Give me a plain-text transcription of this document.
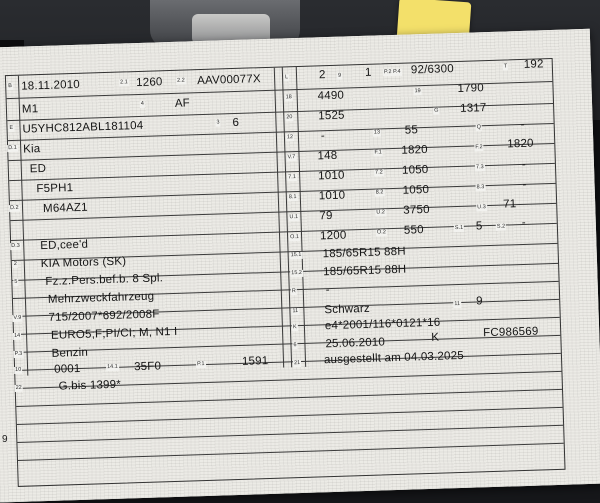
B 18.11.2010	2.1 1260	2.2 AAV00077X
M1	4	AF
E U5YHC812ABL181104	3 6
D.1 Kia
ED
F5PH1
D.2 M64AZ1
D.3 ED,cee'd
2 KIA Motors (SK)
5 Fz.z.Pers.bef.b. 8 Spl.
Mehrzweckfahrzeug
V.9 715/2007*692/2008F
14	EURO5;F;PI/CI; M, N1 I
P.3	Benzin
10	0001	14.1 35F0	P.1	1591
22	G.bis 1399*
L	2 9 1 P.2 P.4 92/6300	T 192
18 4490	19	1790
20 1525	G 1317
12 -	13 55	Q	-
V.7 148	F.1 1820	F.2 1820
7.1 1010	7.2 1050	7.3	-
8.1 1010	8.2 1050	8.3	-
U.1 79	U.2 3750	U.3 71
O.1 1200	O.2 550	S.1 5	S.2 -
15.1 185/65R15 88H
15.2 185/65R15 88H
R	-
11 Schwarz	11 9
K e4*2001/116*0121*16
6 25.06.2010	K	FC986569
21 ausgestellt am 04.03.2025
9
